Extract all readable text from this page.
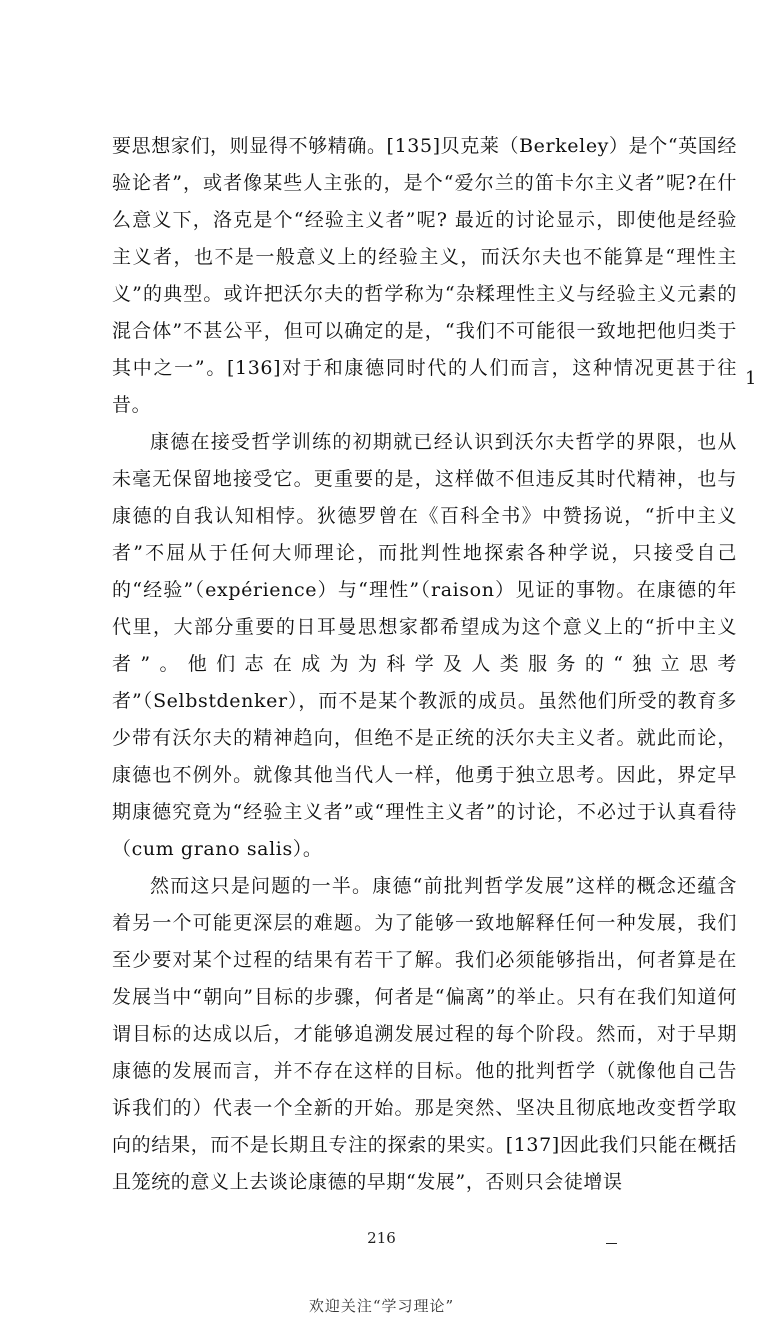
要思想家们，则显得不够精确。[135]贝克莱（Berkeley）是个“英国经验论者”，或者像某些人主张的，是个“爱尔兰的笛卡尔主义者”呢?在什么意义下，洛克是个“经验主义者”呢? 最近的讨论显示，即使他是经验主义者，也不是一般意义上的经验主义，而沃尔夫也不能算是“理性主义”的典型。或许把沃尔夫的哲学称为“杂糅理性主义与经验主义元素的混合体”不甚公平，但可以确定的是，“我们不可能很一致地把他归类于其中之一”。[136]对于和康德同时代的人们而言，这种情况更甚于往昔。

康德在接受哲学训练的初期就已经认识到沃尔夫哲学的界限，也从未毫无保留地接受它。更重要的是，这样做不但违反其时代精神，也与康德的自我认知相悖。狄德罗曾在《百科全书》中赞扬说，“折中主义者”不屈从于任何大师理论，而批判性地探索各种学说，只接受自己的“经验”（expérience）与“理性”（raison）见证的事物。在康德的年代里，大部分重要的日耳曼思想家都希望成为这个意义上的“折中主义者”。他们志在成为为科学及人类服务的“独立思考者”（Selbstdenker），而不是某个教派的成员。虽然他们所受的教育多少带有沃尔夫的精神趋向，但绝不是正统的沃尔夫主义者。就此而论，康德也不例外。就像其他当代人一样，他勇于独立思考。因此，界定早期康德究竟为“经验主义者”或“理性主义者”的讨论，不必过于认真看待（cum grano salis）。

然而这只是问题的一半。康德“前批判哲学发展”这样的概念还蕴含着另一个可能更深层的难题。为了能够一致地解释任何一种发展，我们至少要对某个过程的结果有若干了解。我们必须能够指出，何者算是在发展当中“朝向”目标的步骤，何者是“偏离”的举止。只有在我们知道何谓目标的达成以后，才能够追溯发展过程的每个阶段。然而，对于早期康德的发展而言，并不存在这样的目标。他的批判哲学（就像他自己告诉我们的）代表一个全新的开始。那是突然、坚决且彻底地改变哲学取向的结果，而不是长期且专注的探索的果实。[137]因此我们只能在概括且笼统的意义上去谈论康德的早期“发展”，否则只会徒增误

1
216
欢迎关注“学习理论”
